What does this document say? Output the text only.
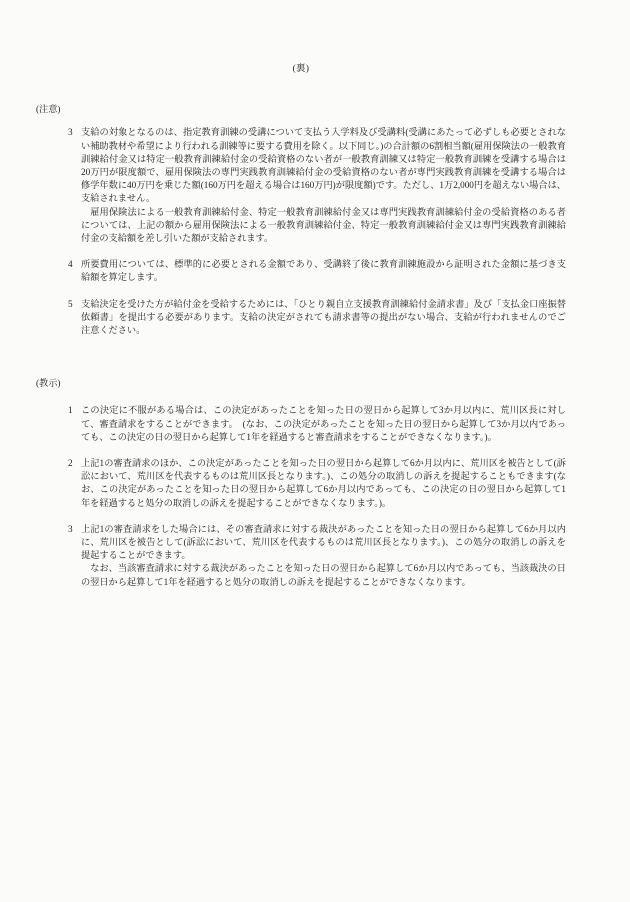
(裏)
(注意)
3 支給の対象となるのは、指定教育訓練の受講について支払う入学料及び受講料(受講にあたって必ずしも必要とされない補助教材や希望により行われる訓練等に要する費用を除く。以下同じ。)の合計額の6割相当額(雇用保険法の一般教育訓練給付金又は特定一般教育訓練給付金の受給資格のない者が一般教育訓練又は特定一般教育訓練を受講する場合は20万円が限度額で、雇用保険法の専門実践教育訓練給付金の受給資格のない者が専門実践教育訓練を受講する場合は修学年数に40万円を乗じた額(160万円を超える場合は160万円)が限度額)です。ただし、1万2,000円を超えない場合は、支給されません。

雇用保険法による一般教育訓練給付金、特定一般教育訓練給付金又は専門実践教育訓練給付金の受給資格のある者については、上記の額から雇用保険法による一般教育訓練給付金、特定一般教育訓練給付金又は専門実践教育訓練給付金の支給額を差し引いた額が支給されます。

4 所要費用については、標準的に必要とされる金額であり、受講終了後に教育訓練施設から証明された金額に基づき支給額を算定します。

5 支給決定を受けた方が給付金を受給するためには、「ひとり親自立支援教育訓練給付金請求書」及び「支払金口座振替依頼書」を提出する必要があります。支給の決定がされても請求書等の提出がない場合、支給が行われませんのでご注意ください。

(教示)
1 この決定に不服がある場合は、この決定があったことを知った日の翌日から起算して3か月以内に、荒川区長に対して、審査請求をすることができます。　(なお、この決定があったことを知った日の翌日から起算して3か月以内であっても、この決定の日の翌日から起算して1年を経過すると審査請求をすることができなくなります。)。

2 上記1の審査請求のほか、この決定があったことを知った日の翌日から起算して6か月以内に、荒川区を被告として(訴訟において、荒川区を代表するものは荒川区長となります。)、この処分の取消しの訴えを提起することもできます(なお、この決定があったことを知った日の翌日から起算して6か月以内であっても、この決定の日の翌日から起算して1年を経過すると処分の取消しの訴えを提起することができなくなります。)。

3 上記1の審査請求をした場合には、その審査請求に対する裁決があったことを知った日の翌日から起算して6か月以内に、荒川区を被告として(訴訟において、荒川区を代表するものは荒川区長となります。)、この処分の取消しの訴えを提起することができます。

なお、当該審査請求に対する裁決があったことを知った日の翌日から起算して6か月以内であっても、当該裁決の日の翌日から起算して1年を経過すると処分の取消しの訴えを提起することができなくなります。
